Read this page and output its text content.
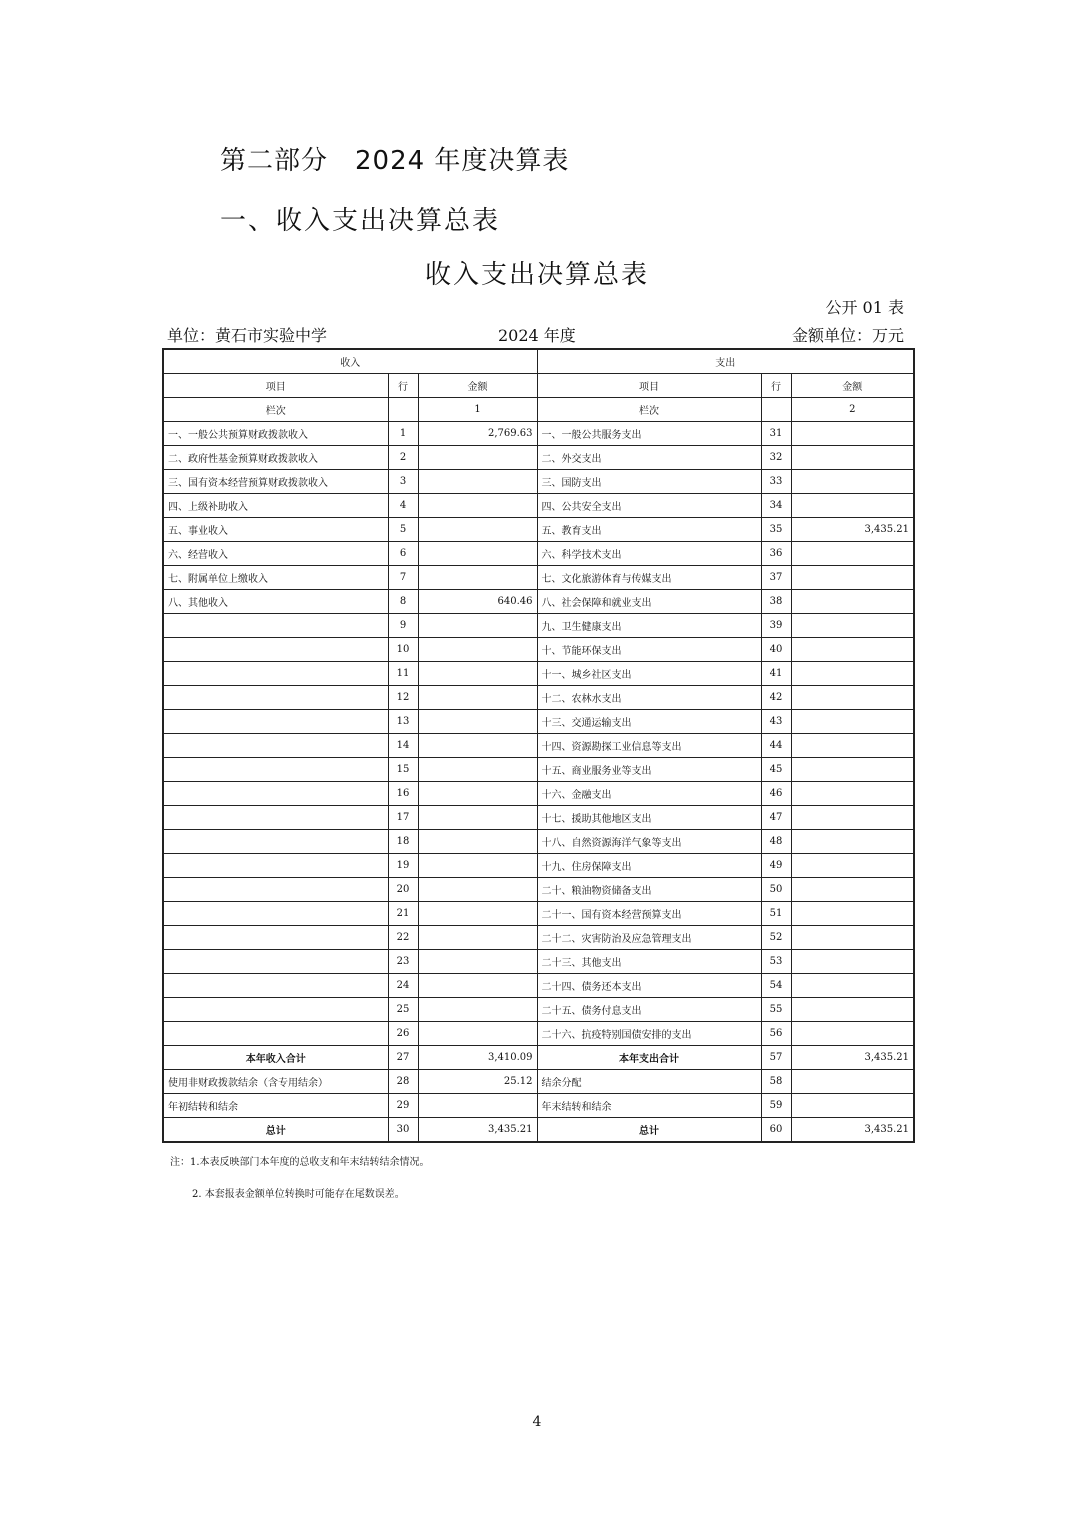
第二部分　2024 年度决算表
一、收入支出决算总表
收入支出决算总表
公开 01 表
单位：黄石市实验中学	2024 年度	金额单位：万元
收入			支出		
项目	行	金额	项目	行	金额
栏次		1	栏次		2
一、一般公共预算财政拨款收入	1	2,769.63	一、一般公共服务支出	31	
二、政府性基金预算财政拨款收入	2		二、外交支出	32	
三、国有资本经营预算财政拨款收入	3		三、国防支出	33	
四、上级补助收入	4		四、公共安全支出	34	
五、事业收入	5		五、教育支出	35	3,435.21
六、经营收入	6		六、科学技术支出	36	
七、附属单位上缴收入	7		七、文化旅游体育与传媒支出	37	
八、其他收入	8	640.46	八、社会保障和就业支出	38	
	9		九、卫生健康支出	39	
	10		十、节能环保支出	40	
	11		十一、城乡社区支出	41	
	12		十二、农林水支出	42	
	13		十三、交通运输支出	43	
	14		十四、资源勘探工业信息等支出	44	
	15		十五、商业服务业等支出	45	
	16		十六、金融支出	46	
	17		十七、援助其他地区支出	47	
	18		十八、自然资源海洋气象等支出	48	
	19		十九、住房保障支出	49	
	20		二十、粮油物资储备支出	50	
	21		二十一、国有资本经营预算支出	51	
	22		二十二、灾害防治及应急管理支出	52	
	23		二十三、其他支出	53	
	24		二十四、债务还本支出	54	
	25		二十五、债务付息支出	55	
	26		二十六、抗疫特别国债安排的支出	56	
本年收入合计	27	3,410.09	本年支出合计	57	3,435.21
使用非财政拨款结余（含专用结余）	28	25.12	结余分配	58	
年初结转和结余	29		年末结转和结余	59	
总计	30	3,435.21	总计	60	3,435.21
注：1.本表反映部门本年度的总收支和年末结转结余情况。
2. 本套报表金额单位转换时可能存在尾数误差。
4
